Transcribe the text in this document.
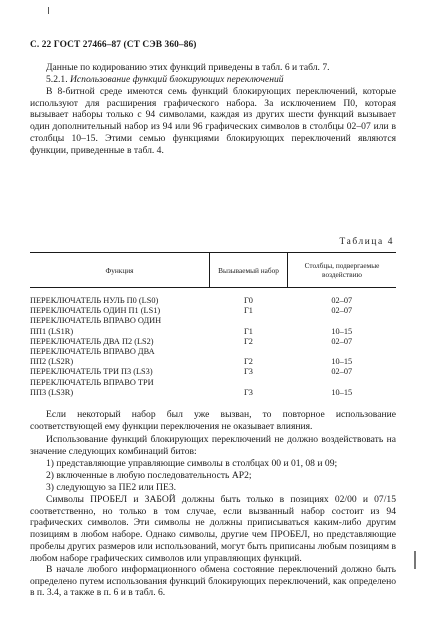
С. 22 ГОСТ 27466–87 (СТ СЭВ 360–86)

Данные по кодированию этих функций приведены в табл. 6 и табл. 7.

5.2.1. Использование функций блокирующих переключений

В 8-битной среде имеются семь функций блокирующих переключений, которые используют для расширения графического набора. За исключением П0, которая вызывает наборы только с 94 символами, каждая из других шести функций вызывает один дополнительный набор из 94 или 96 графических символов в столбцы 02–07 или в столбцы 10–15. Этими семью функциями блокирующих переключений являются функции, приведенные в табл. 4.

Таблица 4
Функция	Вызываемый набор	Столбцы, подвергаемые воздействию
ПЕРЕКЛЮЧАТЕЛЬ НУЛЬ П0 (LS0)	Г0	02–07
ПЕРЕКЛЮЧАТЕЛЬ ОДИН П1 (LS1)	Г1	02–07
ПЕРЕКЛЮЧАТЕЛЬ ВПРАВО ОДИН		
ПП1 (LS1R)	Г1	10–15
ПЕРЕКЛЮЧАТЕЛЬ ДВА П2 (LS2)	Г2	02–07
ПЕРЕКЛЮЧАТЕЛЬ ВПРАВО ДВА		
ПП2 (LS2R)	Г2	10–15
ПЕРЕКЛЮЧАТЕЛЬ ТРИ П3 (LS3)	Г3	02–07
ПЕРЕКЛЮЧАТЕЛЬ ВПРАВО ТРИ		
ПП3 (LS3R)	Г3	10–15

Если некоторый набор был уже вызван, то повторное использование соответствующей ему функции переключения не оказывает влияния.

Использование функций блокирующих переключений не должно воздействовать на значение следующих комбинаций битов:

1) представляющие управляющие символы в столбцах 00 и 01, 08 и 09;

2) включенные в любую последовательность АР2;

3) следующую за ПЕ2 или ПЕ3.

Символы ПРОБЕЛ и ЗАБОЙ должны быть только в позициях 02/00 и 07/15 соответственно, но только в том случае, если вызванный набор состоит из 94 графических символов. Эти символы не должны приписываться каким-либо другим позициям в любом наборе. Однако символы, другие чем ПРОБЕЛ, но представляющие пробелы других размеров или использований, могут быть приписаны любым позициям в любом наборе графических символов или управляющих функций.

В начале любого информационного обмена состояние переключений должно быть определено путем использования функций блокирующих переключений, как определено в п. 3.4, а также в п. 6 и в табл. 6.
